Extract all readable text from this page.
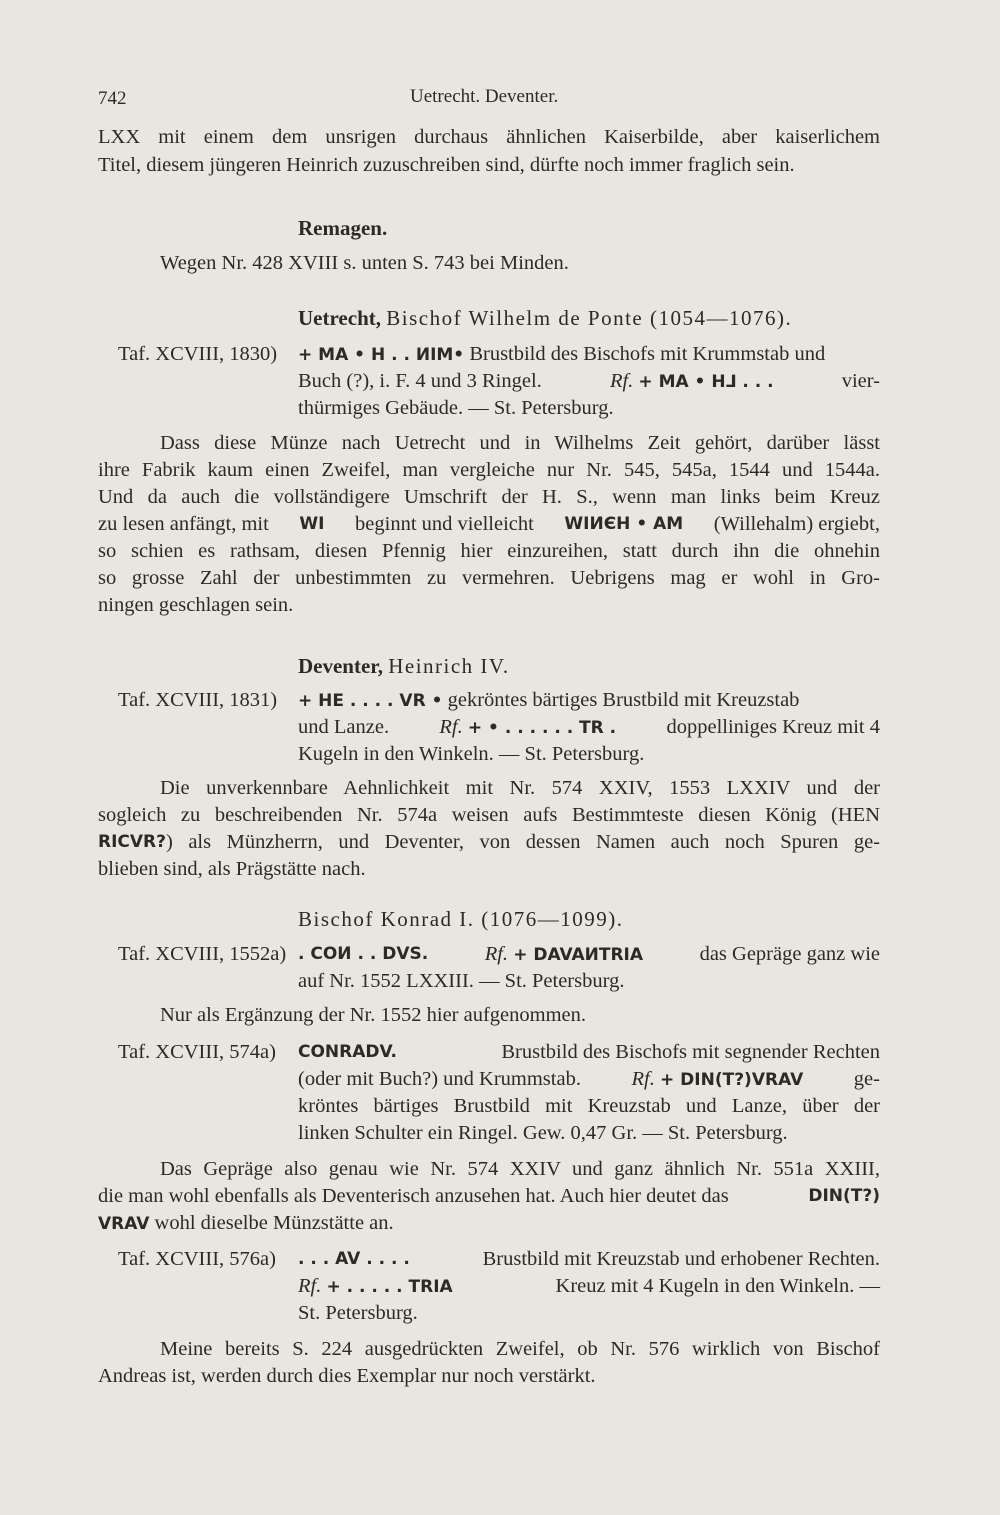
742	Uetrecht. Deventer.
LXX mit einem dem unsrigen durchaus ähnlichen Kaiserbilde, aber kaiserlichem
Titel, diesem jüngeren Heinrich zuzuschreiben sind, dürfte noch immer fraglich sein.
Remagen.
Wegen Nr. 428 XVIII s. unten S. 743 bei Minden.
Uetrecht, Bischof Wilhelm de Ponte (1054—1076).
Taf. XCVIII, 1830) + MA • H . . ИIM• Brustbild des Bischofs mit Krummstab und
Buch (?), i. F. 4 und 3 Ringel.	Rf. + MA • H⅃ . . .	vier-
thürmiges Gebäude. — St. Petersburg.
Dass diese Münze nach Uetrecht und in Wilhelms Zeit gehört, darüber lässt
ihre Fabrik kaum einen Zweifel, man vergleiche nur Nr. 545, 545a, 1544 und 1544a.
Und da auch die vollständigere Umschrift der H. S., wenn man links beim Kreuz
zu lesen anfängt, mit WI beginnt und vielleicht WIИЄH • AM (Willehalm) ergiebt,
so schien es rathsam, diesen Pfennig hier einzureihen, statt durch ihn die ohnehin
so grosse Zahl der unbestimmten zu vermehren. Uebrigens mag er wohl in Gro-
ningen geschlagen sein.
Deventer, Heinrich IV.
Taf. XCVIII, 1831) + HE . . . . VR • gekröntes bärtiges Brustbild mit Kreuzstab
und Lanze. Rf. + • . . . . . . TR . doppelliniges Kreuz mit 4
Kugeln in den Winkeln. — St. Petersburg.
Die unverkennbare Aehnlichkeit mit Nr. 574 XXIV, 1553 LXXIV und der
sogleich zu beschreibenden Nr. 574a weisen aufs Bestimmteste diesen König (HEN
RICVR? ) als Münzherrn, und Deventer, von dessen Namen auch noch Spuren ge-
blieben sind, als Prägstätte nach.
Bischof Konrad I. (1076—1099).
Taf. XCVIII, 1552a) . COИ . . DVS.	Rf. + DAVAИTRIA	das Gepräge ganz wie
auf Nr. 1552 LXXIII. — St. Petersburg.
Nur als Ergänzung der Nr. 1552 hier aufgenommen.
Taf. XCVIII, 574a) CONRADV.	Brustbild des Bischofs mit segnender Rechten
(oder mit Buch?) und Krummstab. Rf. + DIN(T?)VRAV ge-
kröntes bärtiges Brustbild mit Kreuzstab und Lanze, über der
linken Schulter ein Ringel. Gew. 0,47 Gr. — St. Petersburg.
Das Gepräge also genau wie Nr. 574 XXIV und ganz ähnlich Nr. 551a XXIII,
die man wohl ebenfalls als Deventerisch anzusehen hat. Auch hier deutet das	DIN(T?)
VRAV wohl dieselbe Münzstätte an.
Taf. XCVIII, 576a) . . . AV . . . .	Brustbild mit Kreuzstab und erhobener Rechten.
Rf. + . . . . . TRIA	Kreuz mit 4 Kugeln in den Winkeln. —
St. Petersburg.
Meine bereits S. 224 ausgedrückten Zweifel, ob Nr. 576 wirklich von Bischof
Andreas ist, werden durch dies Exemplar nur noch verstärkt.
